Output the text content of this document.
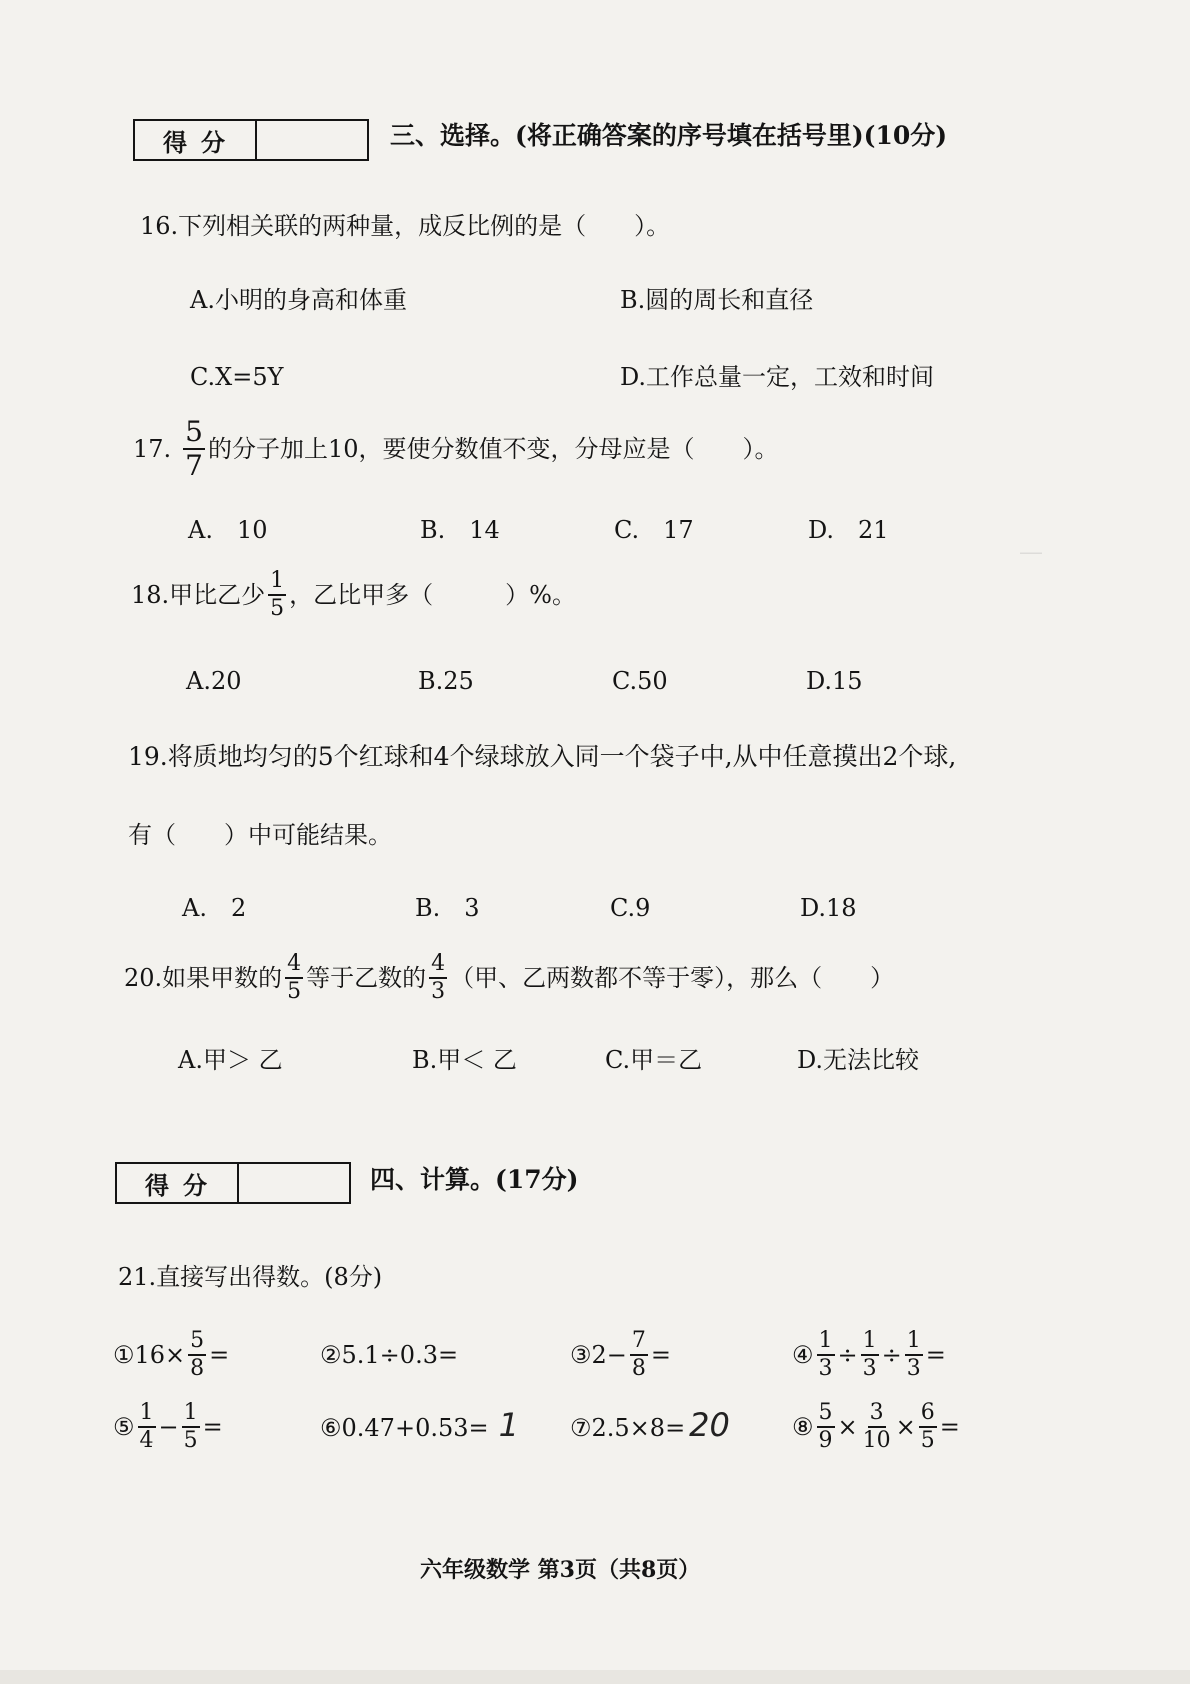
―
得分	三、选择。(将正确答案的序号填在括号里)(10分)
16.下列相关联的两种量，成反比例的是（　　）。
A.小明的身高和体重	B.圆的周长和直径
C.X=5Y	D.工作总量一定，工效和时间
17. $\frac{5}{7}$ 的分子加上10，要使分数值不变，分母应是（　　）。
A.　10	B.　14	C.　17	D.　21
18.甲比乙少 $\frac{1}{5}$ ，乙比甲多（　　　）%。
A.20	B.25	C.50	D.15
19.将质地均匀的5个红球和4个绿球放入同一个袋子中,从中任意摸出2个球,
有（　　）中可能结果。
A.　2	B.　3	C.9	D.18
20.如果甲数的 $\frac{4}{5}$ 等于乙数的 $\frac{4}{3}$ （甲、乙两数都不等于零），那么（　　）
A.甲＞ 乙	B.甲＜ 乙	C.甲＝乙	D.无法比较
得分	四、计算。(17分)
21.直接写出得数。(8分)
①16× $\frac{5}{8}$ =	②5.1÷0.3=	③2− $\frac{7}{8}$ =	④ $\frac{1}{3} \div \frac{1}{3} \div \frac{1}{3}$ =
⑤ $\frac{1}{4} - \frac{1}{5}$ =	⑥0.47+0.53= 1 ⑦2.5×8= 20	⑧ $\frac{5}{9} \times \frac{3}{10} \times \frac{6}{5}$ =
六年级数学 第3页（共8页）
